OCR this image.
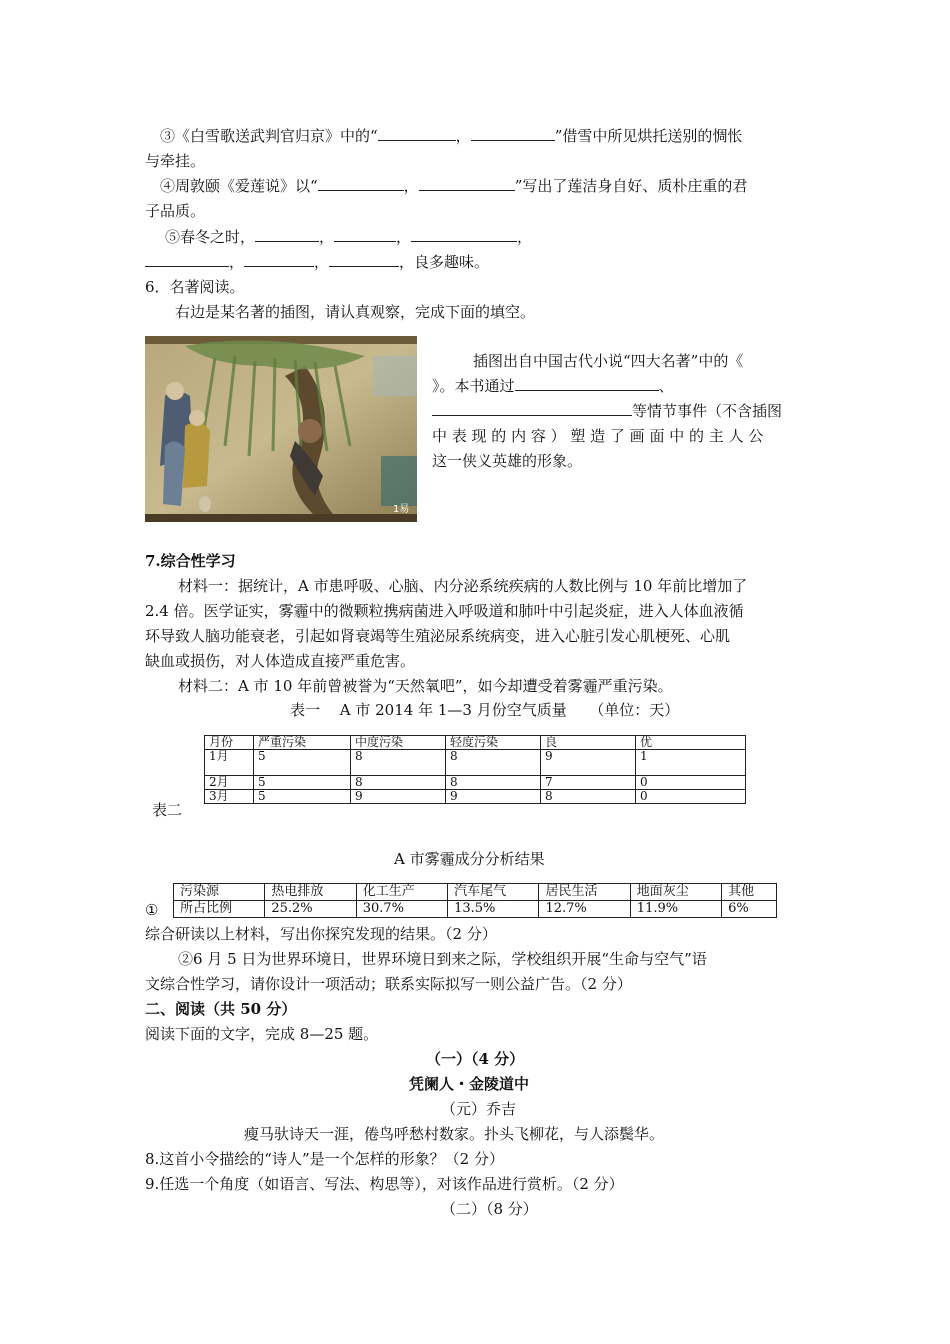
③《白雪歌送武判官归京》中的“	，	”借雪中所见烘托送别的惆怅
与牵挂。
④周敦颐《爱莲说》以“	，	”写出了莲洁身自好、质朴庄重的君
子品质。
⑤春冬之时，	，	，	，
，	，	，良多趣味。
6．名著阅读。
右边是某名著的插图，请认真观察，完成下面的填空。
1易
插图出自中国古代小说“四大名著”中的《
》。本书通过	、
等情节事件（不含插图
中 表 现 的 内 容 ） 塑 造 了 画 面 中 的 主 人 公
这一侠义英雄的形象。
7.综合性学习
材料一：据统计，A 市患呼吸、心脑、内分泌系统疾病的人数比例与 10 年前比增加了
2.4 倍。医学证实，雾霾中的微颗粒携病菌进入呼吸道和肺叶中引起炎症，进入人体血液循
环导致人脑功能衰老，引起如肾衰竭等生殖泌尿系统病变，进入心脏引发心肌梗死、心肌
缺血或损伤，对人体造成直接严重危害。
材料二：A 市 10 年前曾被誉为“天然氧吧”，如今却遭受着雾霾严重污染。
表一　 A 市 2014 年 1—3 月份空气质量　　（单位：天）
月份	严重污染	中度污染	轻度污染	良	优
1月	5	8	8	9	1
2月	5	8	8	7	0
3月	5	9	9	8	0
表二
A 市雾霾成分分析结果
①
污染源	热电排放	化工生产	汽车尾气	居民生活	地面灰尘	其他
所占比例	25.2%	30.7%	13.5%	12.7%	11.9%	6%
综合研读以上材料，写出你探究发现的结果。（2 分）
②6 月 5 日为世界环境日，世界环境日到来之际，学校组织开展“生命与空气”语
文综合性学习，请你设计一项活动；联系实际拟写一则公益广告。（2 分）
二、阅读（共 50 分）
阅读下面的文字，完成 8—25 题。
（一）（4 分）
凭阑人・金陵道中
（元）乔吉
瘦马驮诗天一涯，倦鸟呼愁村数家。扑头飞柳花，与人添鬓华。
8.这首小令描绘的“诗人”是一个怎样的形象？（2 分）
9.任选一个角度（如语言、写法、构思等），对该作品进行赏析。（2 分）
（二）（8 分）
